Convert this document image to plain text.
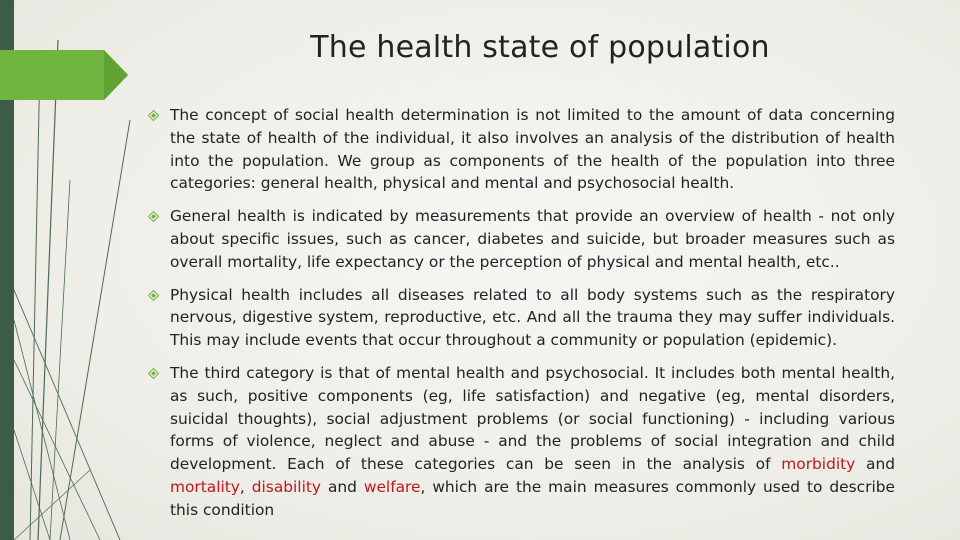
The health state of population
The concept of social health determination is not limited to the amount of data concerning the state of health of the individual, it also involves an analysis of the distribution of health into the population. We group as components of the health of the population into three categories: general health, physical and mental and psychosocial health.
General health is indicated by measurements that provide an overview of health - not only about specific issues, such as cancer, diabetes and suicide, but broader measures such as overall mortality, life expectancy or the perception of physical and mental health, etc..
Physical health includes all diseases related to all body systems such as the respiratory nervous, digestive system, reproductive, etc. And all the trauma they may suffer individuals. This may include events that occur throughout a community or population (epidemic).
The third category is that of mental health and psychosocial. It includes both mental health, as such, positive components (eg, life satisfaction) and negative (eg, mental disorders, suicidal thoughts), social adjustment problems (or social functioning) - including various forms of violence, neglect and abuse - and the problems of social integration and child development. Each of these categories can be seen in the analysis of morbidity and mortality, disability and welfare, which are the main measures commonly used to describe this condition
